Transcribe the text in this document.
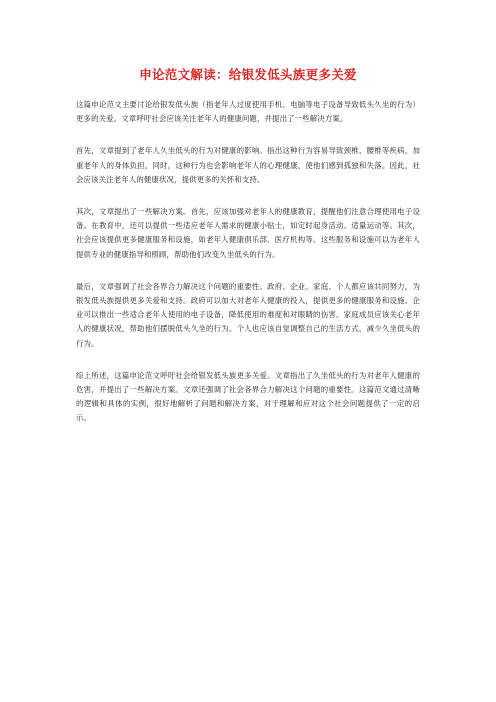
申论范文解读：给银发低头族更多关爱

这篇申论范文主要讨论给银发低头族（指老年人过度使用手机、电脑等电子设备导致低头久坐的行为）更多的关爱。文章呼吁社会应该关注老年人的健康问题，并提出了一些解决方案。

首先，文章提到了老年人久坐低头的行为对健康的影响。指出这种行为容易导致颈椎、腰椎等疾病，加重老年人的身体负担。同时，这种行为也会影响老年人的心理健康，使他们感到孤独和失落。因此，社会应该关注老年人的健康状况，提供更多的关怀和支持。

其次，文章提出了一些解决方案。首先，应该加强对老年人的健康教育，提醒他们注意合理使用电子设备。在教育中，还可以提供一些适应老年人需求的健康小贴士，如定时起身活动、适量运动等。其次，社会应该提供更多健康服务和设施，如老年人健康俱乐部、医疗机构等。这些服务和设施可以为老年人提供专业的健康指导和照顾，帮助他们改变久坐低头的行为。

最后，文章强调了社会各界合力解决这个问题的重要性。政府、企业、家庭、个人都应该共同努力，为银发低头族提供更多关爱和支持。政府可以加大对老年人健康的投入，提供更多的健康服务和设施。企业可以推出一些适合老年人使用的电子设备，降低使用的难度和对眼睛的伤害。家庭成员应该关心老年人的健康状况，帮助他们摆脱低头久坐的行为。个人也应该自觉调整自己的生活方式，减少久坐低头的行为。

综上所述，这篇申论范文呼吁社会给银发低头族更多关爱。文章指出了久坐低头的行为对老年人健康的危害，并提出了一些解决方案。文章还强调了社会各界合力解决这个问题的重要性。这篇范文通过清晰的逻辑和具体的实例，很好地解析了问题和解决方案，对于理解和应对这个社会问题提供了一定的启示。
